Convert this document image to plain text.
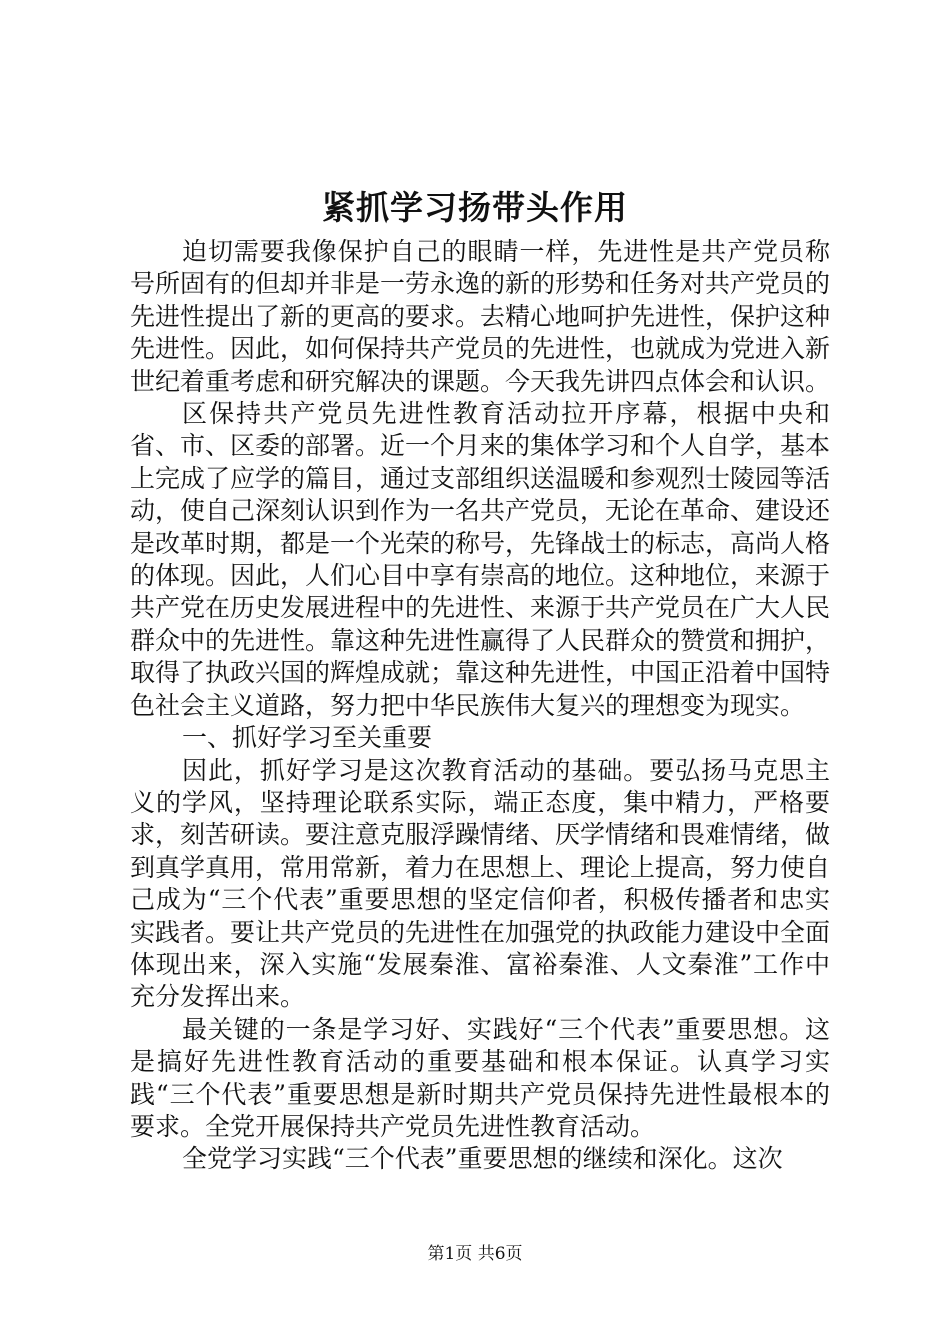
紧抓学习扬带头作用

迫切需要我像保护自己的眼睛一样，先进性是共产党员称号所固有的但却并非是一劳永逸的新的形势和任务对共产党员的先进性提出了新的更高的要求。去精心地呵护先进性，保护这种先进性。因此，如何保持共产党员的先进性，也就成为党进入新世纪着重考虑和研究解决的课题。今天我先讲四点体会和认识。

区保持共产党员先进性教育活动拉开序幕，根据中央和省、市、区委的部署。近一个月来的集体学习和个人自学，基本上完成了应学的篇目，通过支部组织送温暖和参观烈士陵园等活动，使自己深刻认识到作为一名共产党员，无论在革命、建设还是改革时期，都是一个光荣的称号，先锋战士的标志，高尚人格的体现。因此，人们心目中享有崇高的地位。这种地位，来源于共产党在历史发展进程中的先进性、来源于共产党员在广大人民群众中的先进性。靠这种先进性赢得了人民群众的赞赏和拥护，取得了执政兴国的辉煌成就；靠这种先进性，中国正沿着中国特色社会主义道路，努力把中华民族伟大复兴的理想变为现实。

一、抓好学习至关重要

因此，抓好学习是这次教育活动的基础。要弘扬马克思主义的学风，坚持理论联系实际，端正态度，集中精力，严格要求，刻苦研读。要注意克服浮躁情绪、厌学情绪和畏难情绪，做到真学真用，常用常新，着力在思想上、理论上提高，努力使自己成为“三个代表”重要思想的坚定信仰者，积极传播者和忠实实践者。要让共产党员的先进性在加强党的执政能力建设中全面体现出来，深入实施“发展秦淮、富裕秦淮、人文秦淮”工作中充分发挥出来。

最关键的一条是学习好、实践好“三个代表”重要思想。这是搞好先进性教育活动的重要基础和根本保证。认真学习实践“三个代表”重要思想是新时期共产党员保持先进性最根本的要求。全党开展保持共产党员先进性教育活动。

全党学习实践“三个代表”重要思想的继续和深化。这次

第1页 共6页
